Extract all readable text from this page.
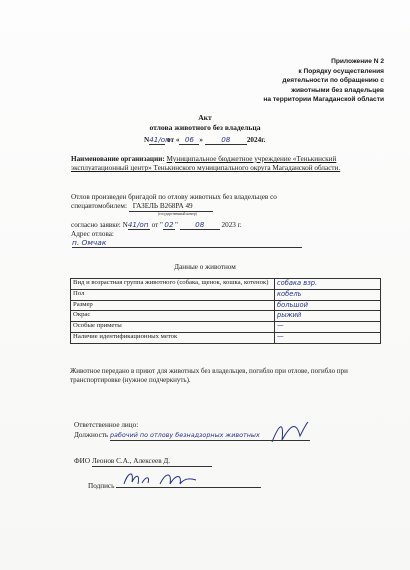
Приложение N 2
к Порядку осуществления
деятельности по обращению с
животными без владельцев
на территории Магаданской области
Акт
отлова животного без владельца
N41/оп от « 06 »	08 2024г.
Наименование организации: Муниципальное бюджетное учреждение «Тенькинский эксплуатационный центр» Тенькинского муниципального округа Магаданской области.
Отлов произведен бригадой по отлову животных без владельцев со
спецавтомобилем: ГАЗЕЛЬ В268РА 49
(государственный номер)
согласно заявке: N41/оп от "02" 08 2023 г.
Адрес отлова:
п. Омчак
Данные о животном
Вид и возрастная группа животного (собака, щенок, кошка, котенок)	собака взр.
Пол	кобель
Размер	большой
Окрас	рыжий
Особые приметы	—
Наличие идентификационных меток	—
Животное передано в приют для животных без владельцев, погибло при отлове, погибло при транспортировке (нужное подчеркнуть).
Ответственное лицо:
Должность рабочий по отлову безнадзорных животных
ФИО Леонов С.А., Алексеев Д.
Подпись
